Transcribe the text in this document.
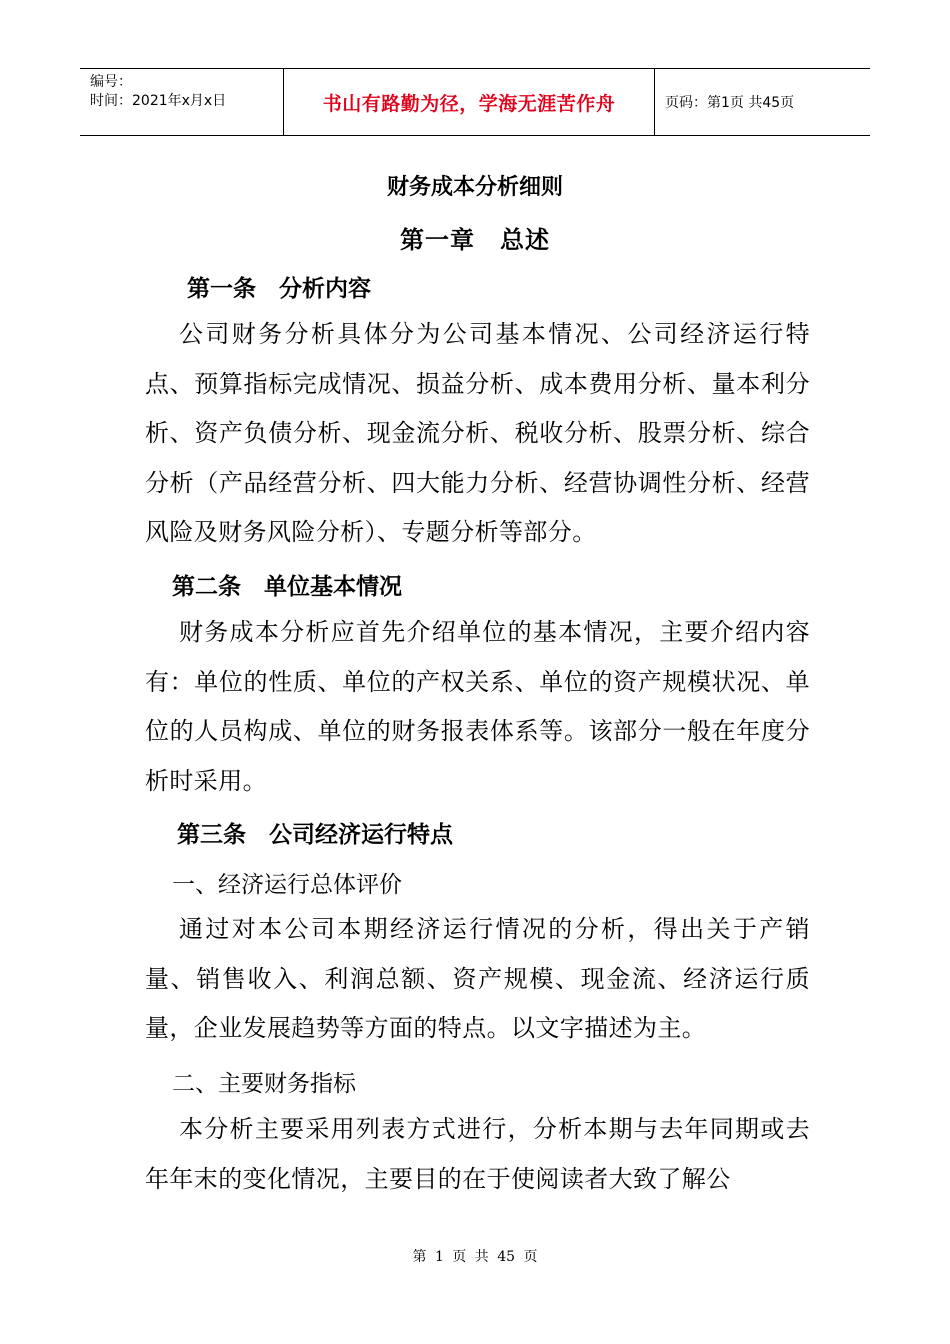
编号：
时间：2021年x月x日	书山有路勤为径，学海无涯苦作舟	页码：第1页 共45页
财务成本分析细则
第一章　总述
第一条　分析内容
公司财务分析具体分为公司基本情况、公司经济运行特点、预算指标完成情况、损益分析、成本费用分析、量本利分析、资产负债分析、现金流分析、税收分析、股票分析、综合分析（产品经营分析、四大能力分析、经营协调性分析、经营风险及财务风险分析）、专题分析等部分。
第二条　单位基本情况
财务成本分析应首先介绍单位的基本情况，主要介绍内容有：单位的性质、单位的产权关系、单位的资产规模状况、单位的人员构成、单位的财务报表体系等。该部分一般在年度分析时采用。
第三条　公司经济运行特点
一、经济运行总体评价
通过对本公司本期经济运行情况的分析，得出关于产销量、销售收入、利润总额、资产规模、现金流、经济运行质量，企业发展趋势等方面的特点。以文字描述为主。
二、主要财务指标
本分析主要采用列表方式进行，分析本期与去年同期或去年年末的变化情况，主要目的在于使阅读者大致了解公
第 1 页 共 45 页
